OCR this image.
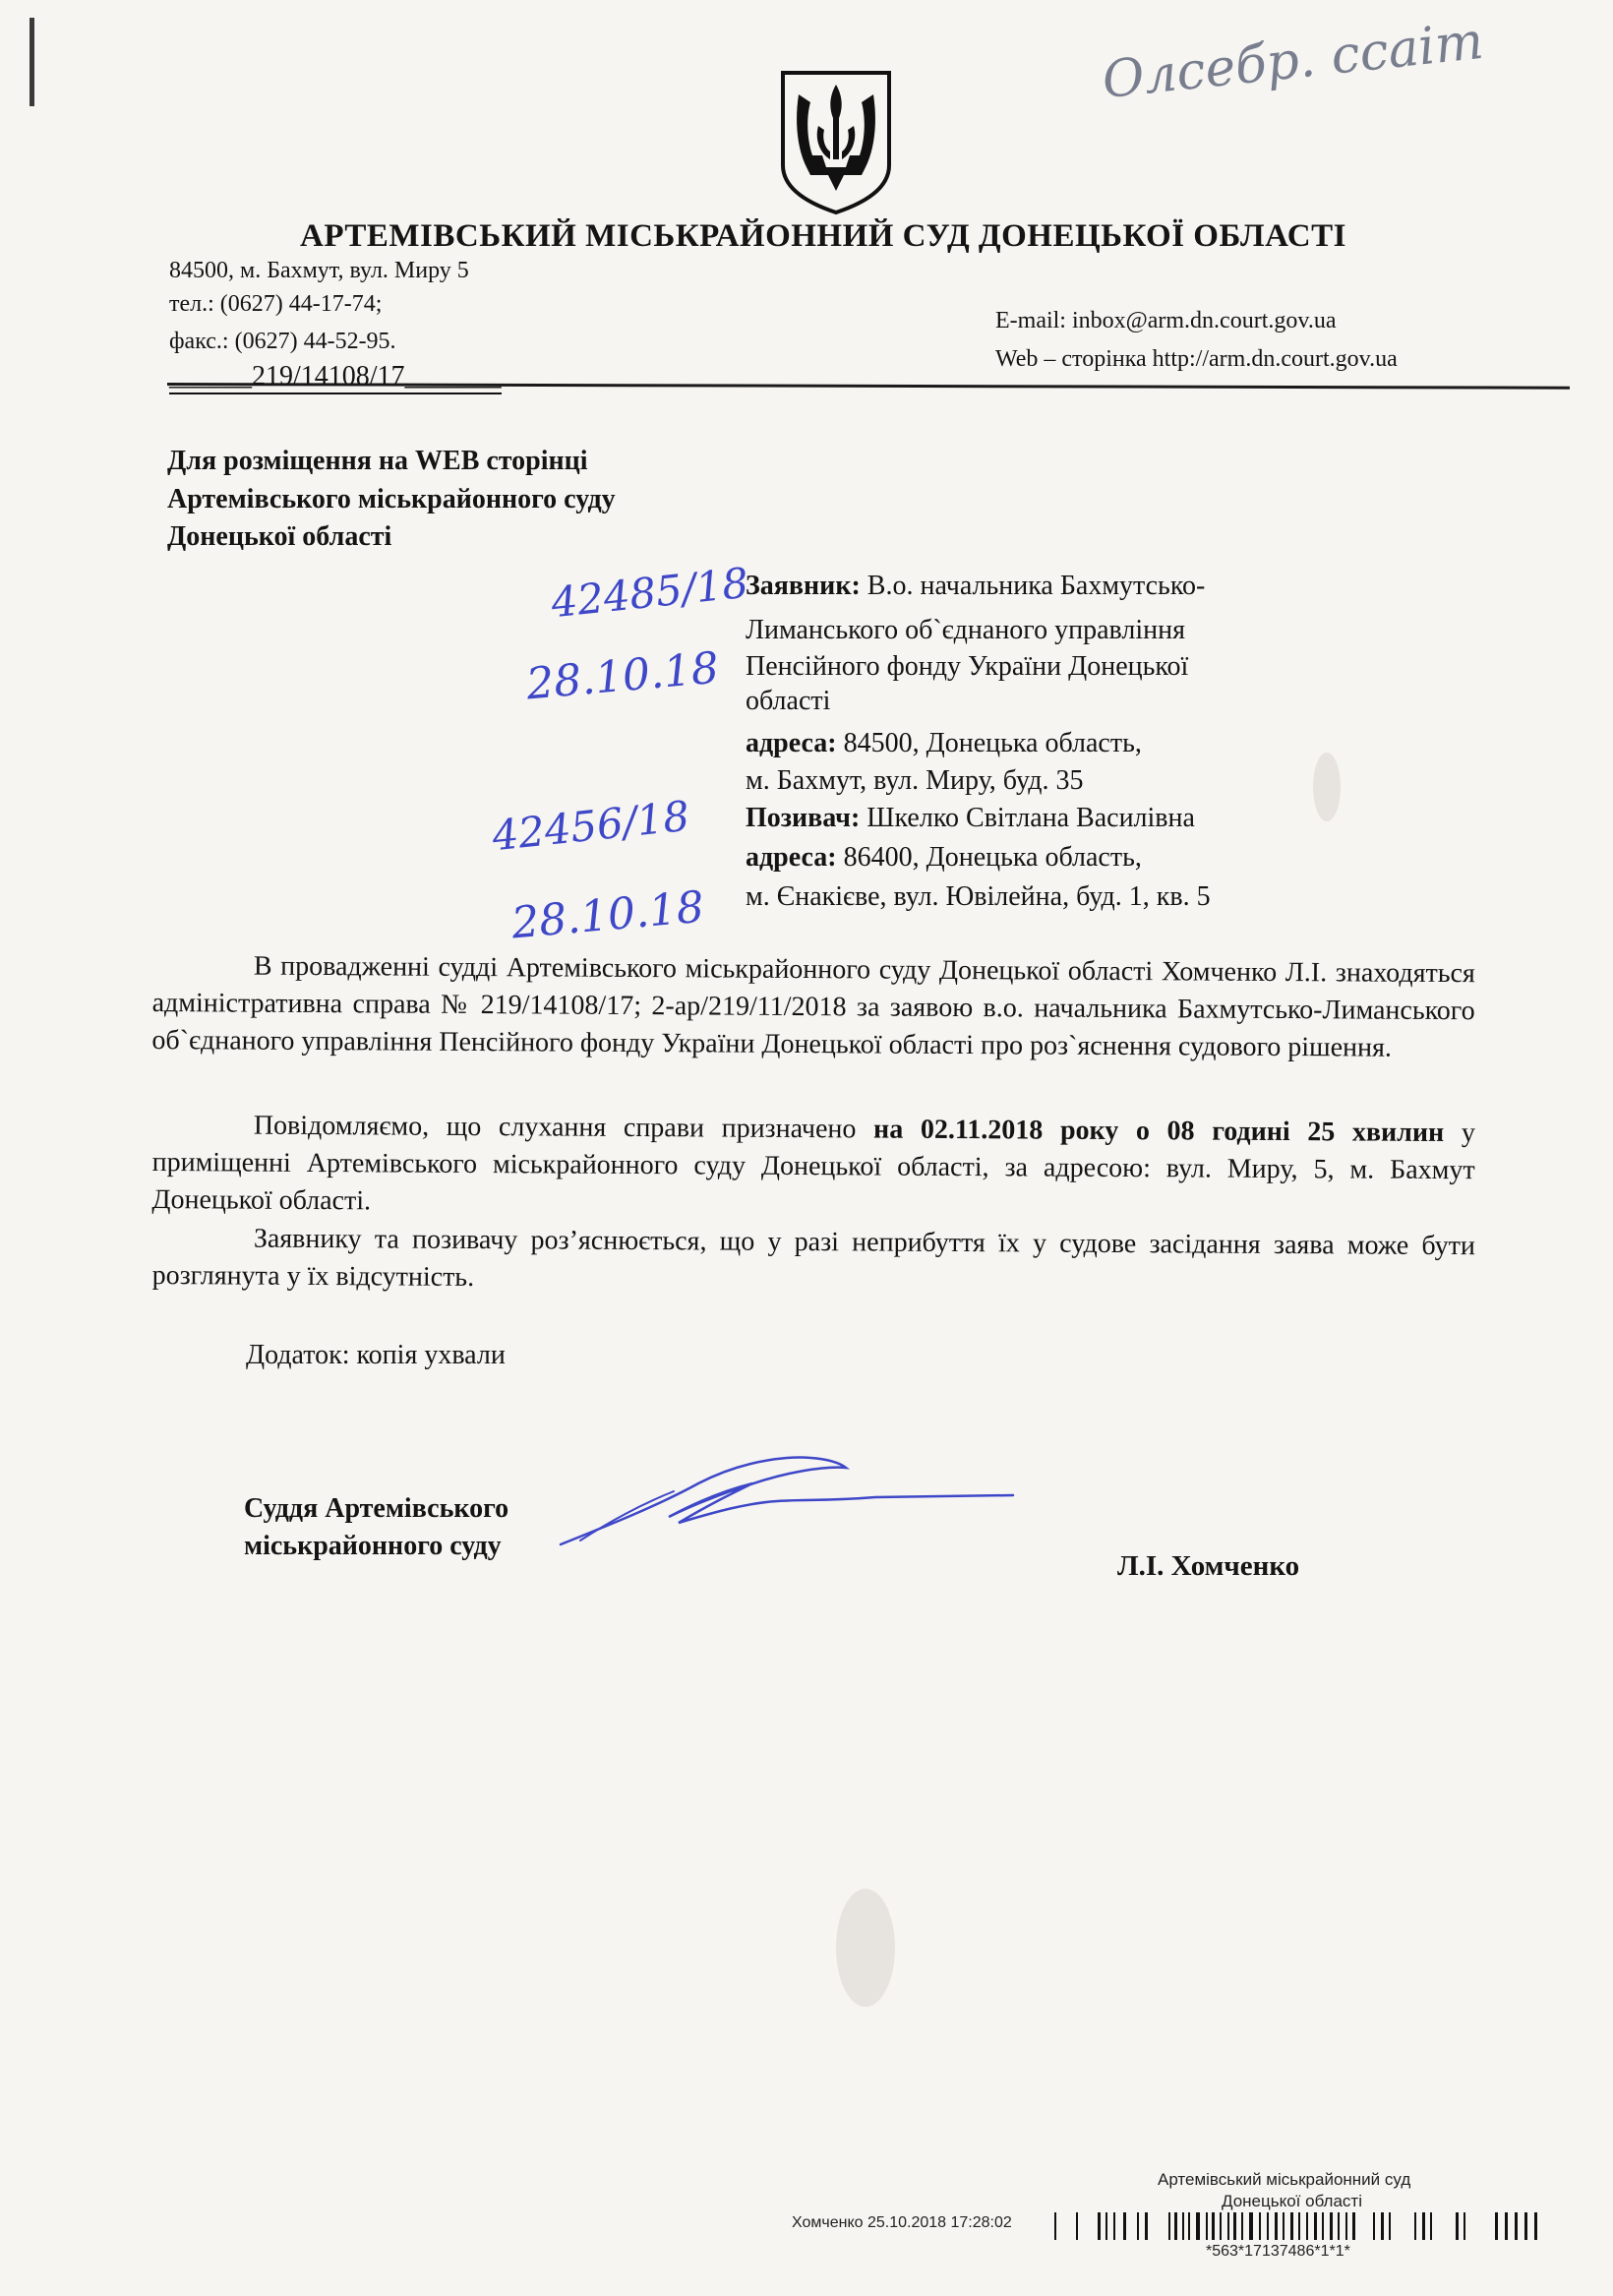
Олсебр. ссаіт
АРТЕМІВСЬКИЙ МІСЬКРАЙОННИЙ СУД ДОНЕЦЬКОЇ ОБЛАСТІ
84500, м. Бахмут, вул. Миру 5
тел.: (0627) 44-17-74;
факс.: (0627) 44-52-95.
E-mail: inbox@arm.dn.court.gov.ua
Web – сторінка http://arm.dn.court.gov.ua
______219/14108/17_______
Для розміщення на WEB сторінці
Артемівського міськрайонного суду
Донецької області
42485/18
28.10.18
42456/18
28.10.18
Заявник: В.о. начальника Бахмутсько-
Лиманського об`єднаного управління
Пенсійного фонду України Донецької
області
адреса: 84500, Донецька область,
м. Бахмут, вул. Миру, буд. 35
Позивач: Шкелко Світлана Василівна
адреса: 86400, Донецька область,
м. Єнакієве, вул. Ювілейна, буд. 1, кв. 5
В провадженні судді Артемівського міськрайонного суду Донецької області Хомченко Л.І. знаходяться адміністративна справа № 219/14108/17; 2-ар/219/11/2018 за заявою в.о. начальника Бахмутсько-Лиманського об`єднаного управління Пенсійного фонду України Донецької області про роз`яснення судового рішення.
Повідомляємо, що слухання справи призначено на 02.11.2018 року о 08 годині 25 хвилин у приміщенні Артемівського міськрайонного суду Донецької області, за адресою: вул. Миру, 5, м. Бахмут Донецької області.
Заявнику та позивачу роз’яснюється, що у разі неприбуття їх у судове засідання заява може бути розглянута у їх відсутність.
Додаток: копія ухвали
Суддя Артемівського
міськрайонного суду
Л.І. Хомченко
Артемівський міськрайонний суд
Донецької області
Хомченко 25.10.2018 17:28:02
*563*17137486*1*1*
